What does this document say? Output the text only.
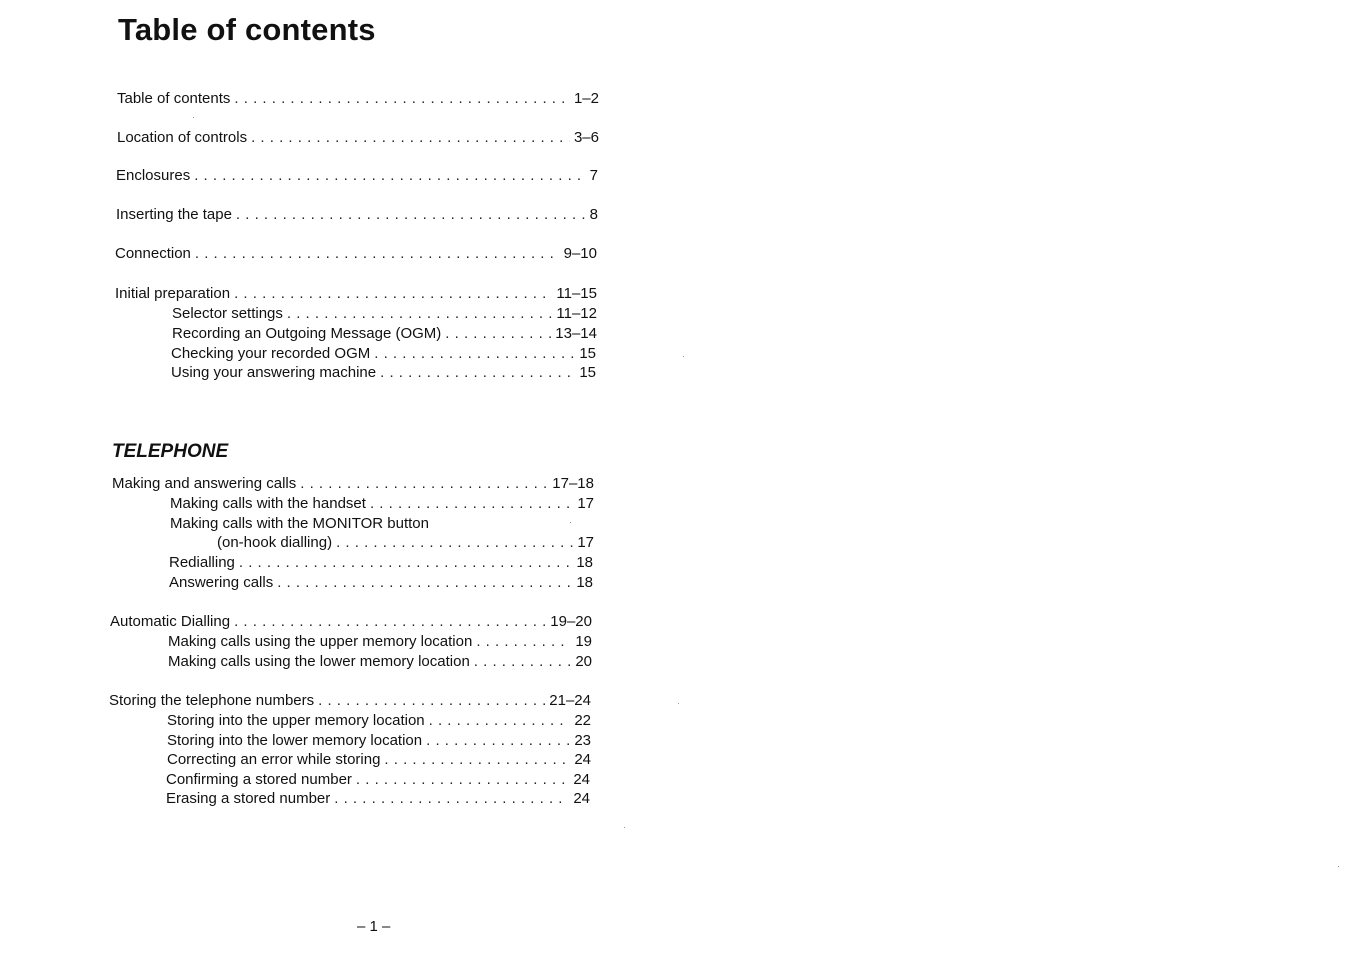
Table of contents
Table of contents . . .	1–2
Location of controls . . .	3–6
Enclosures . . .	7
Inserting the tape . . .	8
Connection . . .	9–10
Initial preparation . . .	11–15
Selector settings . . .	11–12
Recording an Outgoing Message (OGM) . . .	13–14
Checking your recorded OGM . . .	15
Using your answering machine . . .	15
TELEPHONE
Making and answering calls . . .	17–18
Making calls with the handset . . .	17
Making calls with the MONITOR button
(on-hook dialling) . . .	17
Redialling . . .	18
Answering calls . . .	18
Automatic Dialling . . .	19–20
Making calls using the upper memory location . . .	19
Making calls using the lower memory location . . .	20
Storing the telephone numbers . . .	21–24
Storing into the upper memory location . . .	22
Storing into the lower memory location . . .	23
Correcting an error while storing . . .	24
Confirming a stored number . . .	24
Erasing a stored number . . .	24
– 1 –
